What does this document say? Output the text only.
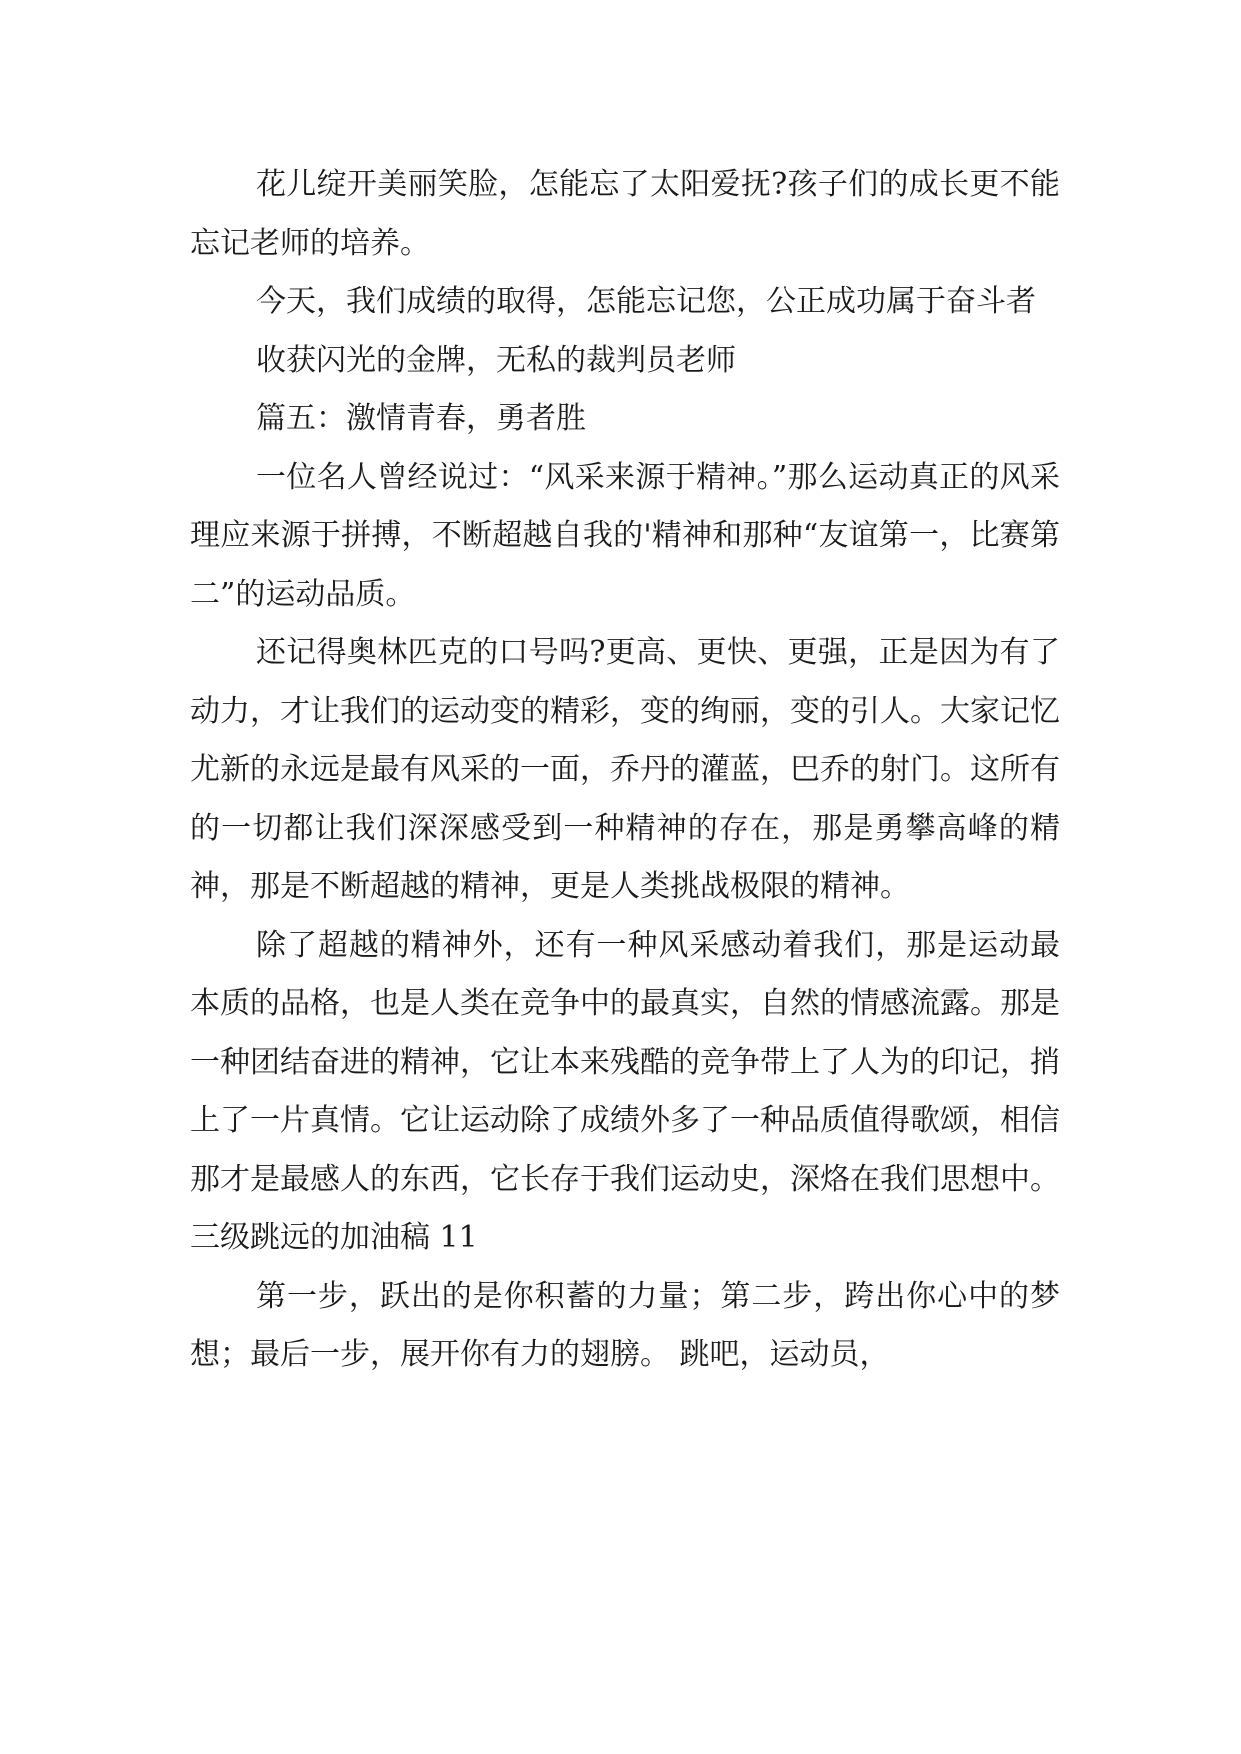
花儿绽开美丽笑脸，怎能忘了太阳爱抚?孩子们的成长更不能忘记老师的培养。

今天，我们成绩的取得，怎能忘记您，公正成功属于奋斗者

收获闪光的金牌，无私的裁判员老师

篇五：激情青春，勇者胜

一位名人曾经说过：“风采来源于精神。”那么运动真正的风采理应来源于拼搏，不断超越自我的'精神和那种“友谊第一，比赛第二”的运动品质。

还记得奥林匹克的口号吗?更高、更快、更强，正是因为有了动力，才让我们的运动变的精彩，变的绚丽，变的引人。大家记忆尤新的永远是最有风采的一面，乔丹的灌蓝，巴乔的射门。这所有的一切都让我们深深感受到一种精神的存在，那是勇攀高峰的精神，那是不断超越的精神，更是人类挑战极限的精神。

除了超越的精神外，还有一种风采感动着我们，那是运动最本质的品格，也是人类在竞争中的最真实，自然的情感流露。那是一种团结奋进的精神，它让本来残酷的竞争带上了人为的印记，捎上了一片真情。它让运动除了成绩外多了一种品质值得歌颂，相信那才是最感人的东西，它长存于我们运动史，深烙在我们思想中。

三级跳远的加油稿 11

第一步，跃出的是你积蓄的力量；第二步，跨出你心中的梦想；最后一步，展开你有力的翅膀。 跳吧，运动员，
